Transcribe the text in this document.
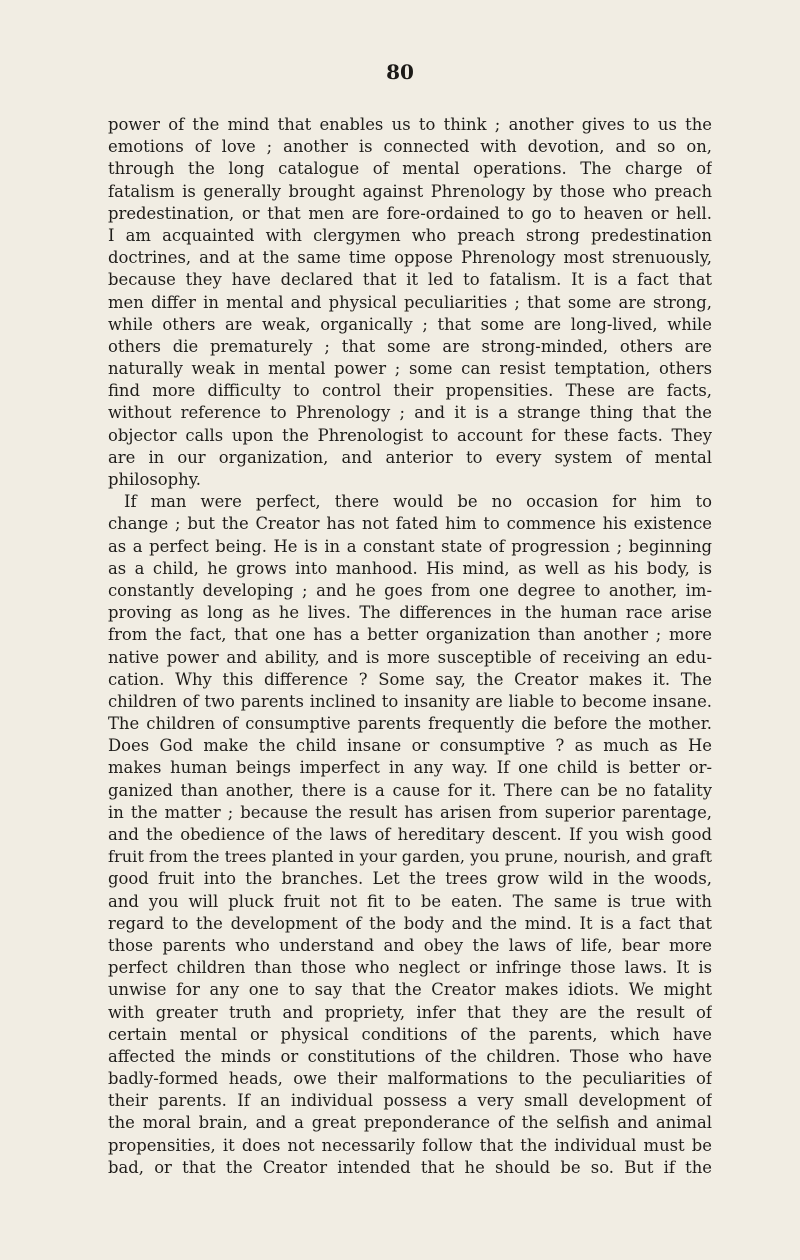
80
power of the mind that enables us to think ; another gives to us the
emotions of love ; another is connected with devotion, and so on,
through the long catalogue of mental operations. The charge of
fatalism is generally brought against Phrenology by those who preach
predestination, or that men are fore-ordained to go to heaven or hell.
I am acquainted with clergymen who preach strong predestination
doctrines, and at the same time oppose Phrenology most strenuously,
because they have declared that it led to fatalism. It is a fact that
men differ in mental and physical peculiarities ; that some are strong,
while others are weak, organically ; that some are long-lived, while
others die prematurely ; that some are strong-minded, others are
naturally weak in mental power ; some can resist temptation, others
find more difficulty to control their propensities. These are facts,
without reference to Phrenology ; and it is a strange thing that the
objector calls upon the Phrenologist to account for these facts. They
are in our organization, and anterior to every system of mental
philosophy.
If man were perfect, there would be no occasion for him to
change ; but the Creator has not fated him to commence his existence
as a perfect being. He is in a constant state of progression ; beginning
as a child, he grows into manhood. His mind, as well as his body, is
constantly developing ; and he goes from one degree to another, im-
proving as long as he lives. The differences in the human race arise
from the fact, that one has a better organization than another ; more
native power and ability, and is more susceptible of receiving an edu-
cation. Why this difference ? Some say, the Creator makes it. The
children of two parents inclined to insanity are liable to become insane.
The children of consumptive parents frequently die before the mother.
Does God make the child insane or consumptive ? as much as He
makes human beings imperfect in any way. If one child is better or-
ganized than another, there is a cause for it. There can be no fatality
in the matter ; because the result has arisen from superior parentage,
and the obedience of the laws of hereditary descent. If you wish good
fruit from the trees planted in your garden, you prune, nourish, and graft
good fruit into the branches. Let the trees grow wild in the woods,
and you will pluck fruit not fit to be eaten. The same is true with
regard to the development of the body and the mind. It is a fact that
those parents who understand and obey the laws of life, bear more
perfect children than those who neglect or infringe those laws. It is
unwise for any one to say that the Creator makes idiots. We might
with greater truth and propriety, infer that they are the result of
certain mental or physical conditions of the parents, which have
affected the minds or constitutions of the children. Those who have
badly-formed heads, owe their malformations to the peculiarities of
their parents. If an individual possess a very small development of
the moral brain, and a great preponderance of the selfish and animal
propensities, it does not necessarily follow that the individual must be
bad, or that the Creator intended that he should be so. But if the
